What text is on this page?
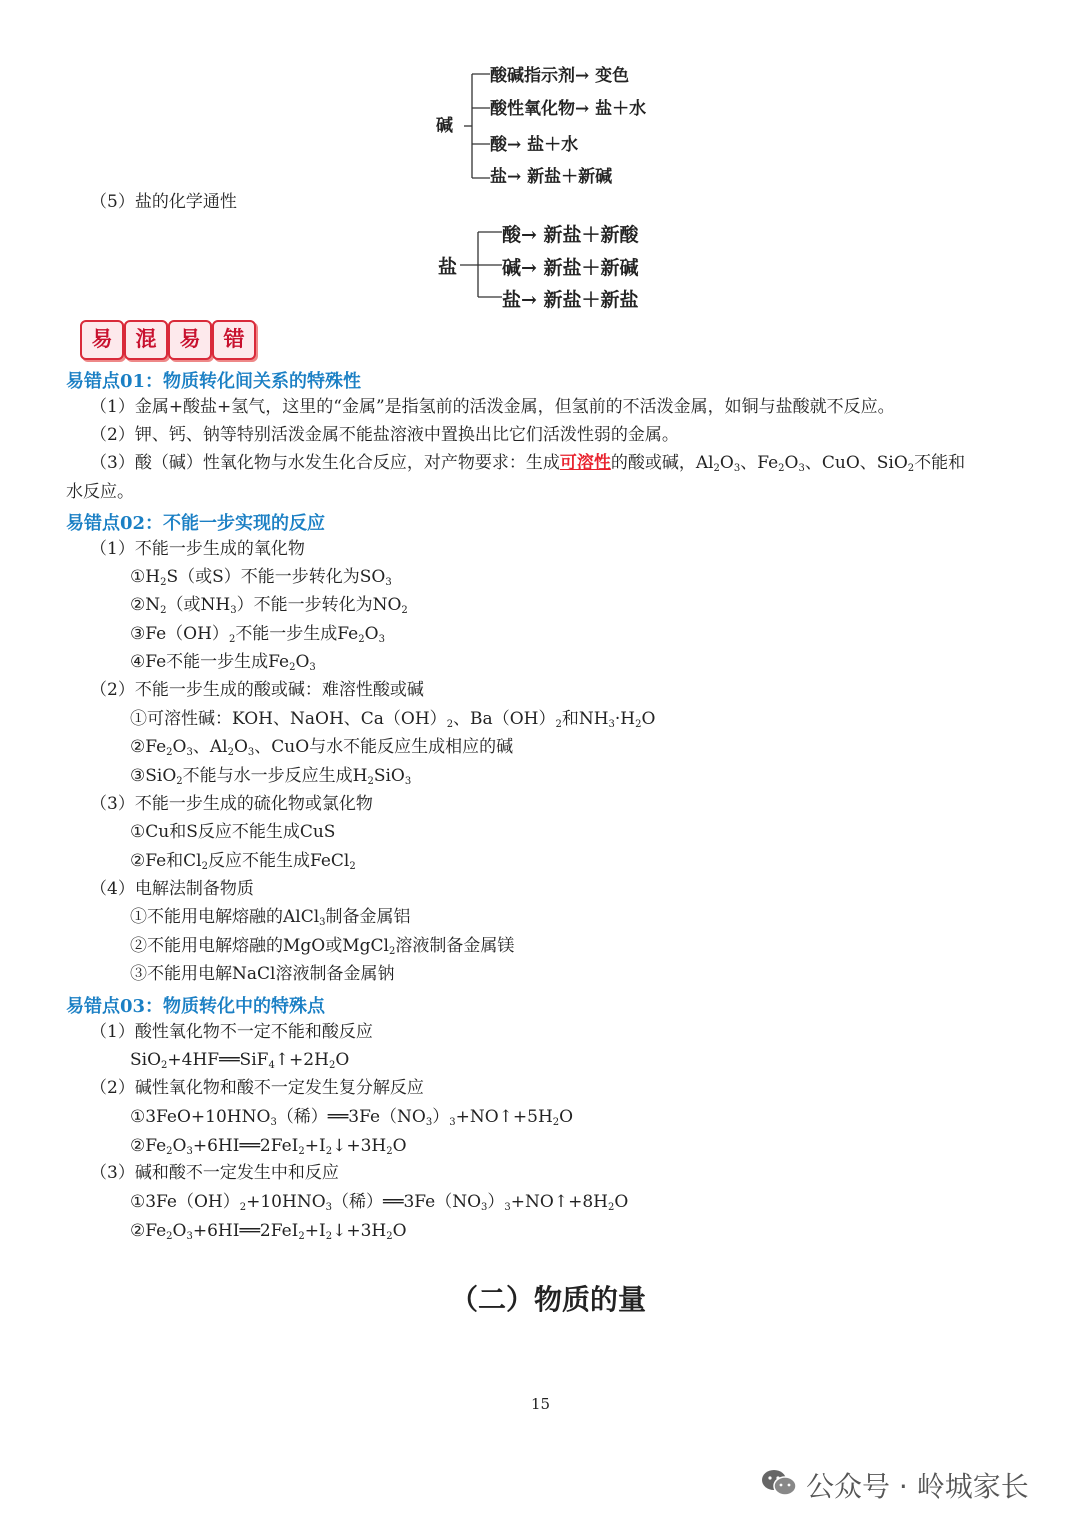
碱
酸碱指示剂→ 变色
酸性氧化物→ 盐＋水
酸→ 盐＋水
盐→ 新盐＋新碱
（5）盐的化学通性
盐
酸→ 新盐＋新酸
碱→ 新盐＋新碱
盐→ 新盐＋新盐
易	混	易	错
易错点01：物质转化间关系的特殊性
（1）金属+酸盐+氢气，这里的“金属”是指氢前的活泼金属，但氢前的不活泼金属，如铜与盐酸就不反应。
（2）钾、钙、钠等特别活泼金属不能盐溶液中置换出比它们活泼性弱的金属。
（3）酸（碱）性氧化物与水发生化合反应，对产物要求：生成可溶性的酸或碱，$Al_2O_3$、$Fe_2O_3$、CuO、SiO$_2$不能和
水反应。
易错点02：不能一步实现的反应
（1）不能一步生成的氧化物
$①H_2S$（或S）不能一步转化为$SO_3$
$②N_2$（或$NH_3$）不能一步转化为$NO_2$
$③Fe(OH)_2$不能一步生成$Fe_2O_3$
④Fe不能一步生成$Fe_2O_3$
（2）不能一步生成的酸或碱：难溶性酸或碱
①可溶性碱：KOH、NaOH、$Ca(OH)_2$、$Ba(OH)_2$和$NH_3\cdot H_2O$
$②Fe_2O_3$、$Al_2O_3$、CuO与水不能反应生成相应的碱
③SiO$_2$不能与水一步反应生成$H_2SiO_3$
（3）不能一步生成的硫化物或氯化物
①Cu和S反应不能生成CuS
②Fe和$Cl_2$反应不能生成FeCl$_2$
（4）电解法制备物质
①不能用电解熔融的AlCl$_3$制备金属铝
②不能用电解熔融的MgO或MgCl$_2$溶液制备金属镁
③不能用电解NaCl溶液制备金属钠
易错点03：物质转化中的特殊点
（1）酸性氧化物不一定不能和酸反应
$SiO_2+4HF══SiF_4↑+2H_2O$
（2）碱性氧化物和酸不一定发生复分解反应
$①3FeO+10HNO_3$（稀）$══3Fe(NO_3)_3+NO↑+5H_2O$
$②Fe_2O_3+6HI══2FeI_2+I_2↓+3H_2O$
（3）碱和酸不一定发生中和反应
$①3Fe(OH)_2+10HNO_3$（稀）$══3Fe(NO_3)_3+NO↑+8H_2O$
$②Fe_2O_3+6HI══2FeI_2+I_2↓+3H_2O$
（二）物质的量
15
公众号 · 岭城家长
